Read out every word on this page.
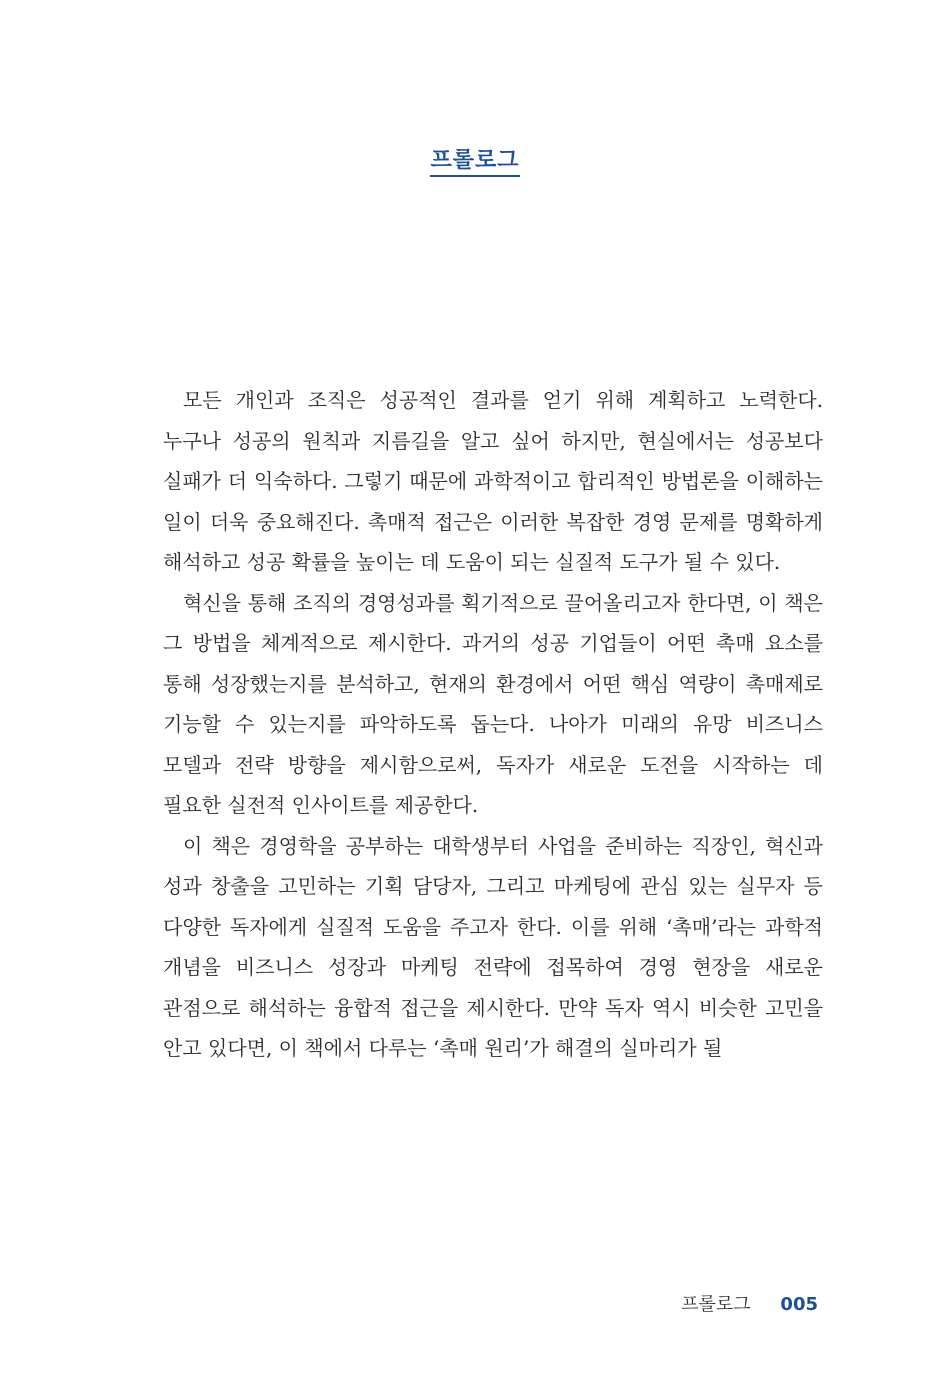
프롤로그

모든 개인과 조직은 성공적인 결과를 얻기 위해 계획하고 노력한다. 누구나 성공의 원칙과 지름길을 알고 싶어 하지만, 현실에서는 성공보다 실패가 더 익숙하다. 그렇기 때문에 과학적이고 합리적인 방법론을 이해하는 일이 더욱 중요해진다. 촉매적 접근은 이러한 복잡한 경영 문제를 명확하게 해석하고 성공 확률을 높이는 데 도움이 되는 실질적 도구가 될 수 있다.

혁신을 통해 조직의 경영성과를 획기적으로 끌어올리고자 한다면, 이 책은 그 방법을 체계적으로 제시한다. 과거의 성공 기업들이 어떤 촉매 요소를 통해 성장했는지를 분석하고, 현재의 환경에서 어떤 핵심 역량이 촉매제로 기능할 수 있는지를 파악하도록 돕는다. 나아가 미래의 유망 비즈니스 모델과 전략 방향을 제시함으로써, 독자가 새로운 도전을 시작하는 데 필요한 실전적 인사이트를 제공한다.

이 책은 경영학을 공부하는 대학생부터 사업을 준비하는 직장인, 혁신과 성과 창출을 고민하는 기획 담당자, 그리고 마케팅에 관심 있는 실무자 등 다양한 독자에게 실질적 도움을 주고자 한다. 이를 위해 ‘촉매’라는 과학적 개념을 비즈니스 성장과 마케팅 전략에 접목하여 경영 현장을 새로운 관점으로 해석하는 융합적 접근을 제시한다. 만약 독자 역시 비슷한 고민을 안고 있다면, 이 책에서 다루는 ‘촉매 원리’가 해결의 실마리가 될

프롤로그 005
